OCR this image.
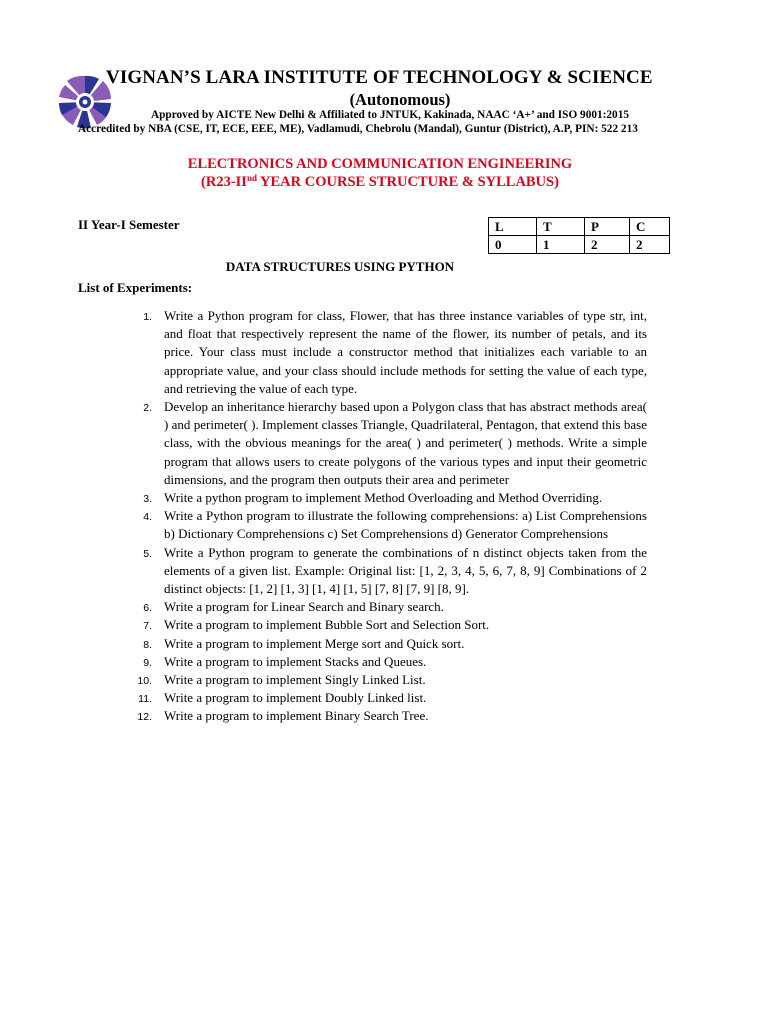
VIGNAN’S LARA INSTITUTE OF TECHNOLOGY & SCIENCE
(Autonomous)
Approved by AICTE New Delhi & Affiliated to JNTUK, Kakinada, NAAC ‘A+’ and ISO 9001:2015
Accredited by NBA (CSE, IT, ECE, EEE, ME), Vadlamudi, Chebrolu (Mandal), Guntur (District), A.P, PIN: 522 213
ELECTRONICS AND COMMUNICATION ENGINEERING
(R23-IInd YEAR COURSE STRUCTURE & SYLLABUS)
II Year-I Semester	L	T	P	C
0	1	2	2
DATA STRUCTURES USING PYTHON
List of Experiments:
1. Write a Python program for class, Flower, that has three instance variables of type str, int, and float that respectively represent the name of the flower, its number of petals, and its price. Your class must include a constructor method that initializes each variable to an appropriate value, and your class should include methods for setting the value of each type, and retrieving the value of each type.
2. Develop an inheritance hierarchy based upon a Polygon class that has abstract methods area( ) and perimeter( ). Implement classes Triangle, Quadrilateral, Pentagon, that extend this base class, with the obvious meanings for the area( ) and perimeter( ) methods. Write a simple program that allows users to create polygons of the various types and input their geometric dimensions, and the program then outputs their area and perimeter
3. Write a python program to implement Method Overloading and Method Overriding.
4. Write a Python program to illustrate the following comprehensions: a) List Comprehensions b) Dictionary Comprehensions c) Set Comprehensions d) Generator Comprehensions
5. Write a Python program to generate the combinations of n distinct objects taken from the elements of a given list. Example: Original list: [1, 2, 3, 4, 5, 6, 7, 8, 9] Combinations of 2 distinct objects: [1, 2] [1, 3] [1, 4] [1, 5] [7, 8] [7, 9] [8, 9].
6. Write a program for Linear Search and Binary search.
7. Write a program to implement Bubble Sort and Selection Sort.
8. Write a program to implement Merge sort and Quick sort.
9. Write a program to implement Stacks and Queues.
10. Write a program to implement Singly Linked List.
11. Write a program to implement Doubly Linked list.
12. Write a program to implement Binary Search Tree.
